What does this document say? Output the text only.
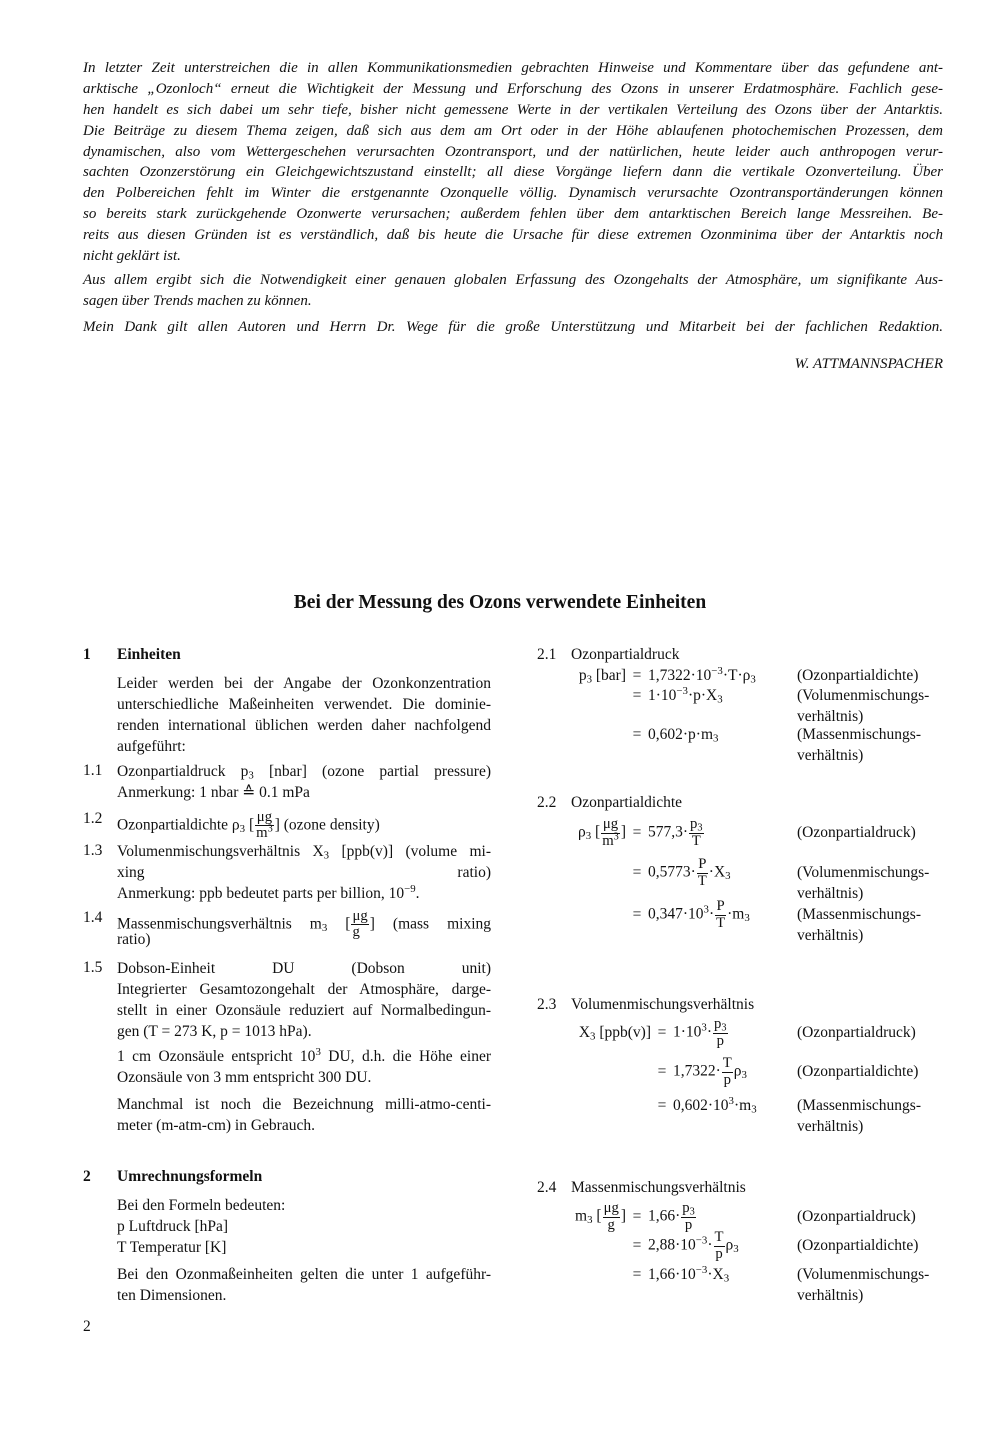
In letzter Zeit unterstreichen die in allen Kommunikationsmedien gebrachten Hinweise und Kommentare über das gefundene ant-
arktische „Ozonloch“ erneut die Wichtigkeit der Messung und Erforschung des Ozons in unserer Erdatmosphäre. Fachlich gese-
hen handelt es sich dabei um sehr tiefe, bisher nicht gemessene Werte in der vertikalen Verteilung des Ozons über der Antarktis.
Die Beiträge zu diesem Thema zeigen, daß sich aus dem am Ort oder in der Höhe ablaufenen photochemischen Prozessen, dem
dynamischen, also vom Wettergeschehen verursachten Ozontransport, und der natürlichen, heute leider auch anthropogen verur-
sachten Ozonzerstörung ein Gleichgewichtszustand einstellt; all diese Vorgänge liefern dann die vertikale Ozonverteilung. Über
den Polbereichen fehlt im Winter die erstgenannte Ozonquelle völlig. Dynamisch verursachte Ozontransportänderungen können
so bereits stark zurückgehende Ozonwerte verursachen; außerdem fehlen über dem antarktischen Bereich lange Messreihen. Be-
reits aus diesen Gründen ist es verständlich, daß bis heute die Ursache für diese extremen Ozonminima über der Antarktis noch
nicht geklärt ist.
Aus allem ergibt sich die Notwendigkeit einer genauen globalen Erfassung des Ozongehalts der Atmosphäre, um signifikante Aus-
sagen über Trends machen zu können.
Mein Dank gilt allen Autoren und Herrn Dr. Wege für die große Unterstützung und Mitarbeit bei der fachlichen Redaktion.
W. ATTMANNSPACHER
Bei der Messung des Ozons verwendete Einheiten
1 Einheiten
Leider werden bei der Angabe der Ozonkonzentration
unterschiedliche Maßeinheiten verwendet. Die dominie-
renden international üblichen werden daher nachfolgend
aufgeführt:
1.1 Ozonpartialdruck $p_3$ [nbar] (ozone partial pressure)
Anmerkung: 1 nbar ≙ 0.1 mPa
1.2 Ozonpartialdichte $\rho_3$ [ $\frac{\mu g}{m^3}$ ] (ozone density)
1.3 Volumenmischungsverhältnis $X_3$ [ppb(v)] (volume mi-
xing ratio)
Anmerkung: ppb bedeutet parts per billion, $10^{-9}$.
1.4 Massenmischungsverhältnis $m_3$ [ $\frac{\mu g}{g}$ ] (mass mixing
ratio)
1.5 Dobson-Einheit DU (Dobson unit)
Integrierter Gesamtozongehalt der Atmosphäre, darge-
stellt in einer Ozonsäule reduziert auf Normalbedingun-
gen (T = 273 K, p = 1013 hPa).
1 cm Ozonsäule entspricht $10^3$ DU, d.h. die Höhe einer
Ozonsäule von 3 mm entspricht 300 DU.
Manchmal ist noch die Bezeichnung milli-atmo-centi-
meter (m-atm-cm) in Gebrauch.
2 Umrechnungsformeln
Bei den Formeln bedeuten:
p Luftdruck [hPa]
T Temperatur [K]
Bei den Ozonmaßeinheiten gelten die unter 1 aufgeführ-
ten Dimensionen.
2
2.1 Ozonpartialdruck
$p_3$ $[bar] = 1,7322\cdot 10^{-3}\cdot T\cdot\rho_3$	(Ozonpartialdichte)
= $1\cdot 10^{-3}\cdot p\cdot X_3$	(Volumenmischungs-
verhältnis)
= $0,602\cdot p\cdot m_3$	(Massenmischungs-
verhältnis)
2.2 Ozonpartialdichte
$\rho_3$ [ $\frac{\mu g}{m^3}$ ] = $577,3\cdot \frac{p_3}{T}$	(Ozonpartialdruck)
= $0,5773\cdot \frac{P}{T} \cdot X_3$	(Volumenmischungs-
verhältnis)
= $0,347\cdot 10^3\cdot \frac{P}{T} \cdot m_3$	(Massenmischungs-
verhältnis)
2.3 Volumenmischungsverhältnis
$X_3$ $[ppb(v)] = 1\cdot 10^3\cdot \frac{p_3}{p}$	(Ozonpartialdruck)
= $1,7322\cdot \frac{T}{p} \rho_3$	(Ozonpartialdichte)
= $0,602\cdot 10^3\cdot m_3$	(Massenmischungs-
verhältnis)
2.4 Massenmischungsverhältnis
$m_3$ [ $\frac{\mu g}{g}$ ] = $1,66\cdot \frac{p_3}{p}$	(Ozonpartialdruck)
= $2,88\cdot 10^{-3}\cdot \frac{T}{p} \rho_3$	(Ozonpartialdichte)
= $1,66\cdot 10^{-3}\cdot X_3$	(Volumenmischungs-
verhältnis)
